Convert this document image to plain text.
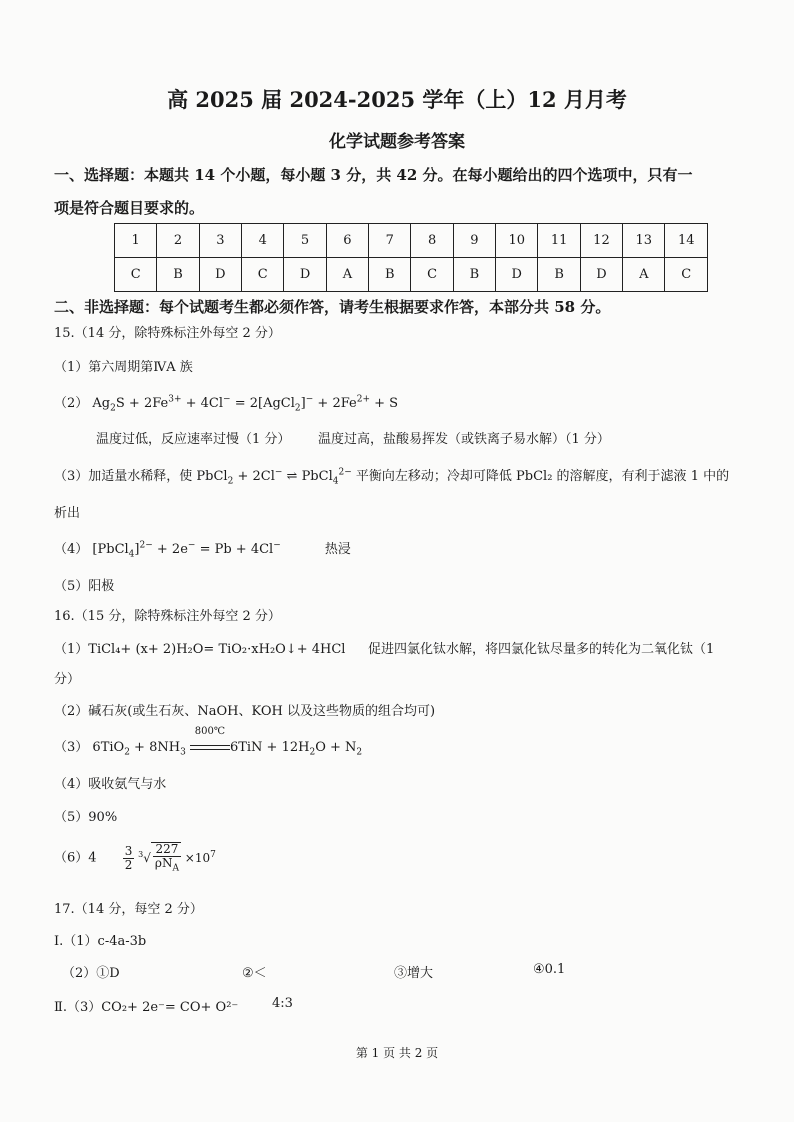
高 2025 届 2024-2025 学年（上）12 月月考
化学试题参考答案
一、选择题：本题共 14 个小题，每小题 3 分，共 42 分。在每小题给出的四个选项中，只有一
项是符合题目要求的。
1	2	3	4	5	6	7	8	9	10	11	12	13	14
C	B	D	C	D	A	B	C	B	D	B	D	A	C
二、非选择题：每个试题考生都必须作答，请考生根据要求作答，本部分共 58 分。
15.（14 分，除特殊标注外每空 2 分）
（1）第六周期第ⅣA 族
（2） $Ag_2S + 2Fe^{3+} + 4Cl^-$ = 2[AgCl$_2$]− + $2Fe^{2+} + S$
温度过低，反应速率过慢（1 分） 温度过高，盐酸易挥发（或铁离子易水解）（1 分）
（3）加适量水稀释，使 PbCl$_2$ + 2Cl− ⇌ PbCl$_4^{2-}$ 平衡向左移动；冷却可降低 PbCl₂ 的溶解度，有利于滤液 1 中的
析出
（4） [PbCl$_4$]$^{2-}$ + 2e− = Pb + 4Cl−	热浸
（5）阳极
16.（15 分，除特殊标注外每空 2 分）
（1）TiCl₄+ (x+ 2)H₂O= TiO₂·xH₂O↓+ 4HCl 促进四氯化钛水解，将四氯化钛尽量多的转化为二氧化钛（1
分）
（2）碱石灰(或生石灰、NaOH、KOH 以及这些物质的组合均可)
（3） $6TiO_2 + 8NH_3$
800℃
$6TiN + 12H_2O + N_2$
（4）吸收氨气与水
（5）90%
$(6)4 \frac{3}{2} ^3√ \frac{227}{\rho N_A} \times 10^7$
17.（14 分，每空 2 分）
Ⅰ.（1）c-4a-3b
（2）①D	②＜	③增大	④0.1
Ⅱ.（3）CO₂+ 2e⁻= CO+ O²⁻	4:3
第 1 页 共 2 页
